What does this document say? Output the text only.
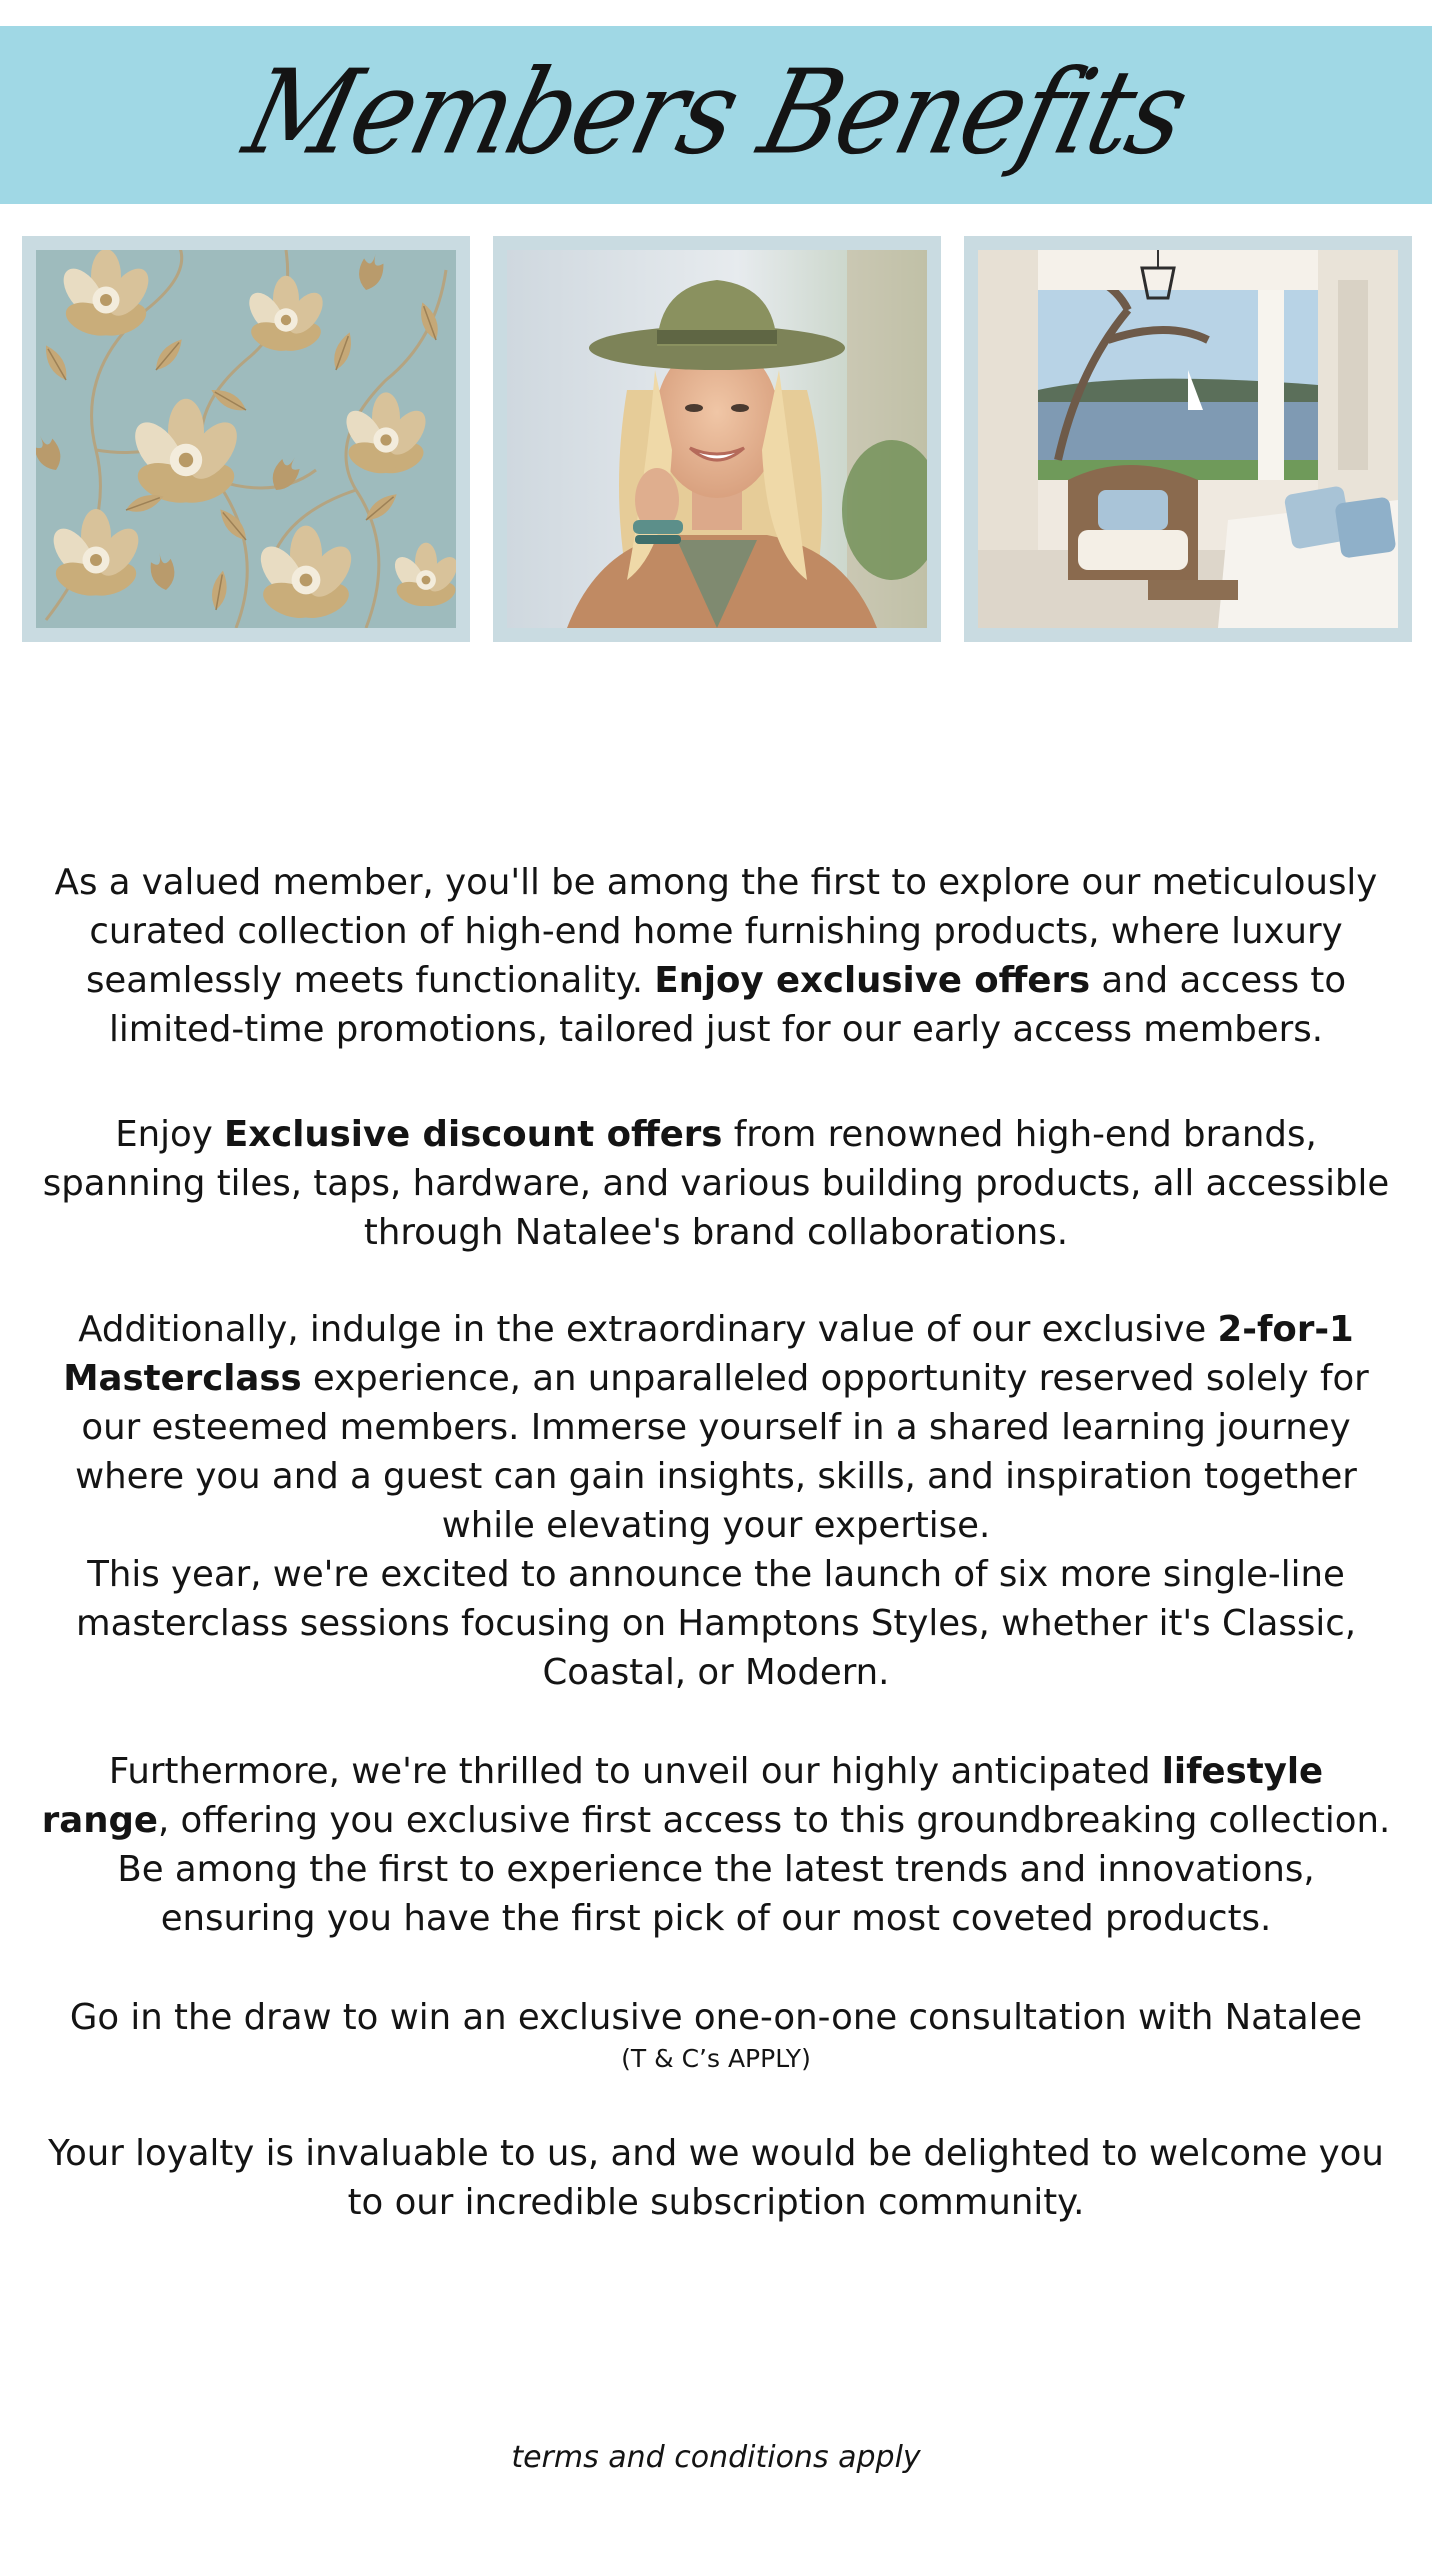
Members Benefits

As a valued member, you'll be among the first to explore our meticulously curated collection of high-end home furnishing products, where luxury seamlessly meets functionality. Enjoy exclusive offers and access to limited-time promotions, tailored just for our early access members.

Enjoy Exclusive discount offers from renowned high-end brands, spanning tiles, taps, hardware, and various building products, all accessible through Natalee's brand collaborations.

Additionally, indulge in the extraordinary value of our exclusive 2-for-1 Masterclass experience, an unparalleled opportunity reserved solely for our esteemed members. Immerse yourself in a shared learning journey where you and a guest can gain insights, skills, and inspiration together while elevating your expertise.

This year, we're excited to announce the launch of six more single-line masterclass sessions focusing on Hamptons Styles, whether it's Classic, Coastal, or Modern.

Furthermore, we're thrilled to unveil our highly anticipated lifestyle range, offering you exclusive first access to this groundbreaking collection. Be among the first to experience the latest trends and innovations, ensuring you have the first pick of our most coveted products.

Go in the draw to win an exclusive one-on-one consultation with Natalee

(T & C’s APPLY)

Your loyalty is invaluable to us, and we would be delighted to welcome you to our incredible subscription community.

terms and conditions apply
